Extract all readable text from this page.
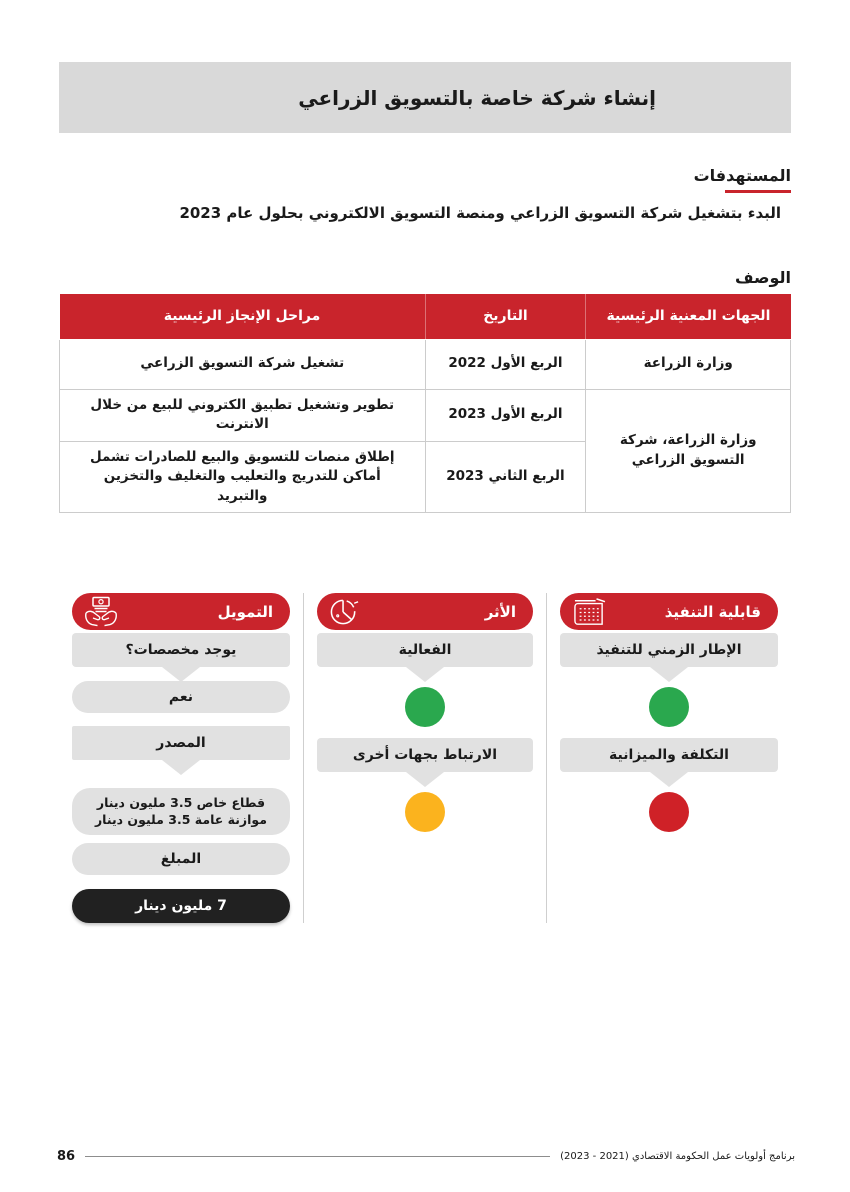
إنشاء شركة خاصة بالتسويق الزراعي
المستهدفات

البدء بتشغيل شركة التسويق الزراعي ومنصة التسويق الالكتروني بحلول عام 2023

الوصف
الجهات المعنية الرئيسية	التاريخ	مراحل الإنجاز الرئيسية
وزارة الزراعة	الربع الأول 2022	تشغيل شركة التسويق الزراعي
وزارة الزراعة، شركة التسويق الزراعي	الربع الأول 2023	تطوير وتشغيل تطبيق الكتروني للبيع من خلال الانترنت
	الربع الثاني 2023	إطلاق منصات للتسويق والبيع للصادرات تشمل أماكن للتدريج والتعليب والتغليف والتخزين والتبريد
قابلية التنفيذ
الإطار الزمني للتنفيذ
التكلفة والميزانية
الأثر
الفعالية
الارتباط بجهات أخرى
التمويل
يوجد مخصصات؟
نعم
المصدر
قطاع خاص 3.5 مليون دينار
موازنة عامة 3.5 مليون دينار
المبلغ
7 مليون دينار
برنامج أولويات عمل الحكومة الاقتصادي (2021 - 2023)
86
